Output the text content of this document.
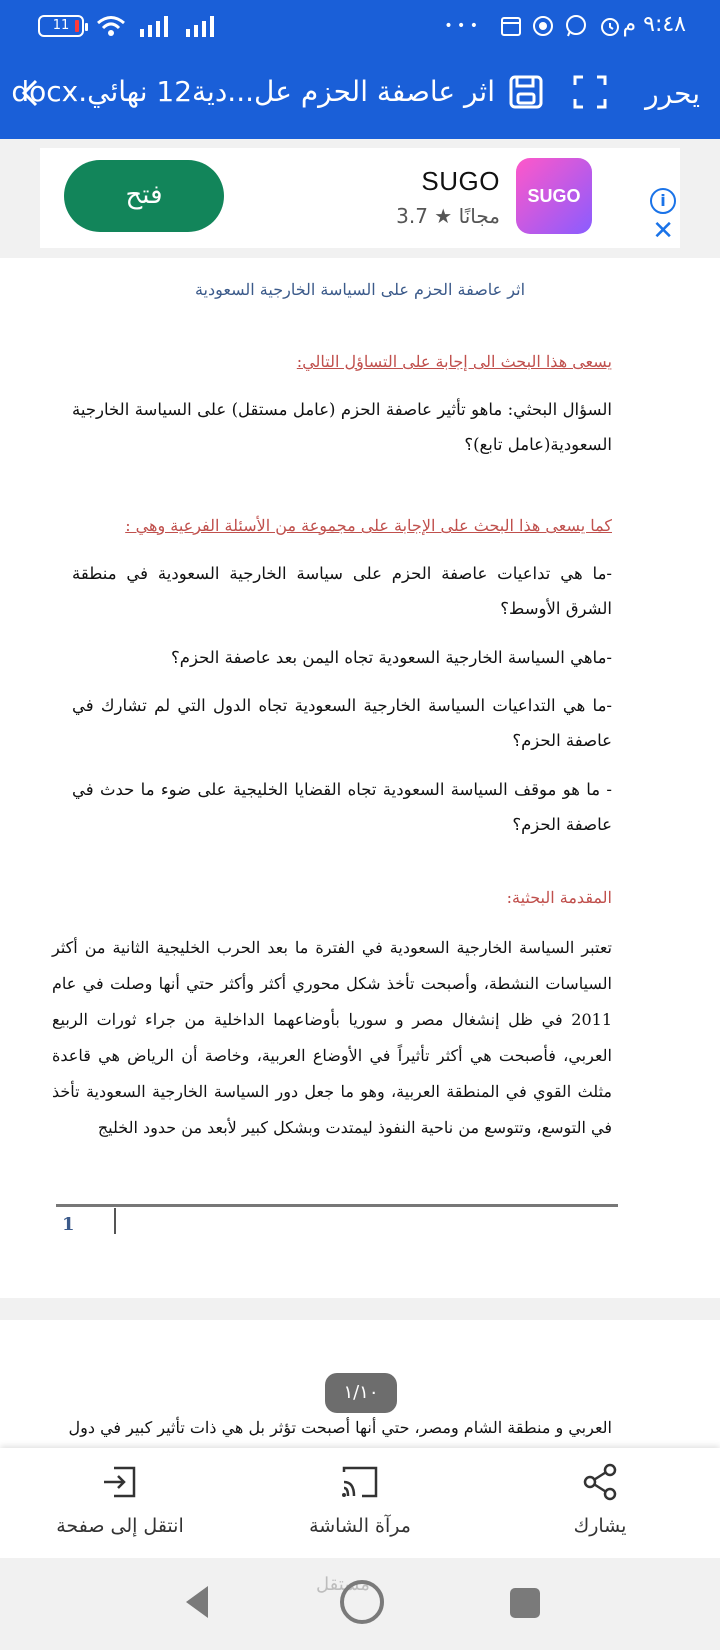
11	• • •	٩:٤٨ م
يحرر
اثر عاصفة الحزم عل...دية12 نهائي.docx
فتح	SUGO
مجانًا ★ 3.7
SUGO	i
✕
اثر عاصفة الحزم على السياسة الخارجية السعودية
يسعى هذا البحث الى إجابة على التساؤل التالي:
السؤال البحثي: ماهو تأثير عاصفة الحزم (عامل مستقل) على السياسة الخارجية السعودية(عامل تابع)؟
كما يسعى هذا البحث على الإجابة على مجموعة من الأسئلة الفرعية وهي :
-ما هي تداعيات عاصفة الحزم على سياسة الخارجية السعودية في منطقة الشرق الأوسط؟
-ماهي السياسة الخارجية السعودية تجاه اليمن بعد عاصفة الحزم؟
-ما هي التداعيات السياسة الخارجية السعودية تجاه الدول التي لم تشارك في عاصفة الحزم؟
- ما هو موقف السياسة السعودية تجاه القضايا الخليجية على ضوء ما حدث في عاصفة الحزم؟
المقدمة البحثية:
تعتبر السياسة الخارجية السعودية في الفترة ما بعد الحرب الخليجية الثانية من أكثر السياسات النشطة، وأصبحت تأخذ شكل محوري أكثر وأكثر حتي أنها وصلت في عام 2011 في ظل إنشغال مصر و سوريا بأوضاعهما الداخلية من جراء ثورات الربيع العربي، فأصبحت هي أكثر تأثيراً في الأوضاع العربية، وخاصة أن الرياض هي قاعدة مثلث القوي في المنطقة العربية، وهو ما جعل دور السياسة الخارجية السعودية تأخذ في التوسع، وتتوسع من ناحية النفوذ ليمتدت وبشكل كبير لأبعد من حدود الخليج
1
العربي و منطقة الشام ومصر، حتي أنها أصبحت تؤثر بل هي ذات تأثير كبير في دول
١/١٠
يشارك
مرآة الشاشة
انتقل إلى صفحة
مستقل
